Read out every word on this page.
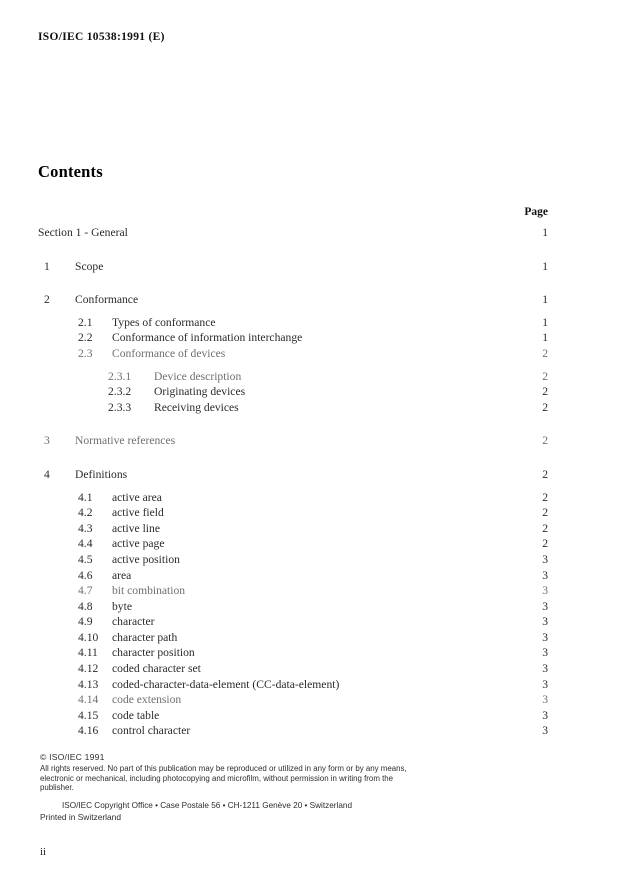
ISO/IEC 10538:1991 (E)
Contents
Page
Section 1 - General	1
1 Scope	1
2 Conformance	1
2.1 Types of conformance	1
2.2 Conformance of information interchange	1
2.3 Conformance of devices	2
2.3.1 Device description	2
2.3.2 Originating devices	2
2.3.3 Receiving devices	2
3 Normative references	2
4 Definitions	2
4.1 active area	2
4.2 active field	2
4.3 active line	2
4.4 active page	2
4.5 active position	3
4.6 area	3
4.7 bit combination	3
4.8 byte	3
4.9 character	3
4.10 character path	3
4.11 character position	3
4.12 coded character set	3
4.13 coded-character-data-element (CC-data-element)	3
4.14 code extension	3
4.15 code table	3
4.16 control character	3
© ISO/IEC 1991
All rights reserved. No part of this publication may be reproduced or utilized in any form or by any means, electronic or mechanical, including photocopying and microfilm, without permission in writing from the publisher.
ISO/IEC Copyright Office • Case Postale 56 • CH-1211 Genève 20 • Switzerland
Printed in Switzerland
ii
